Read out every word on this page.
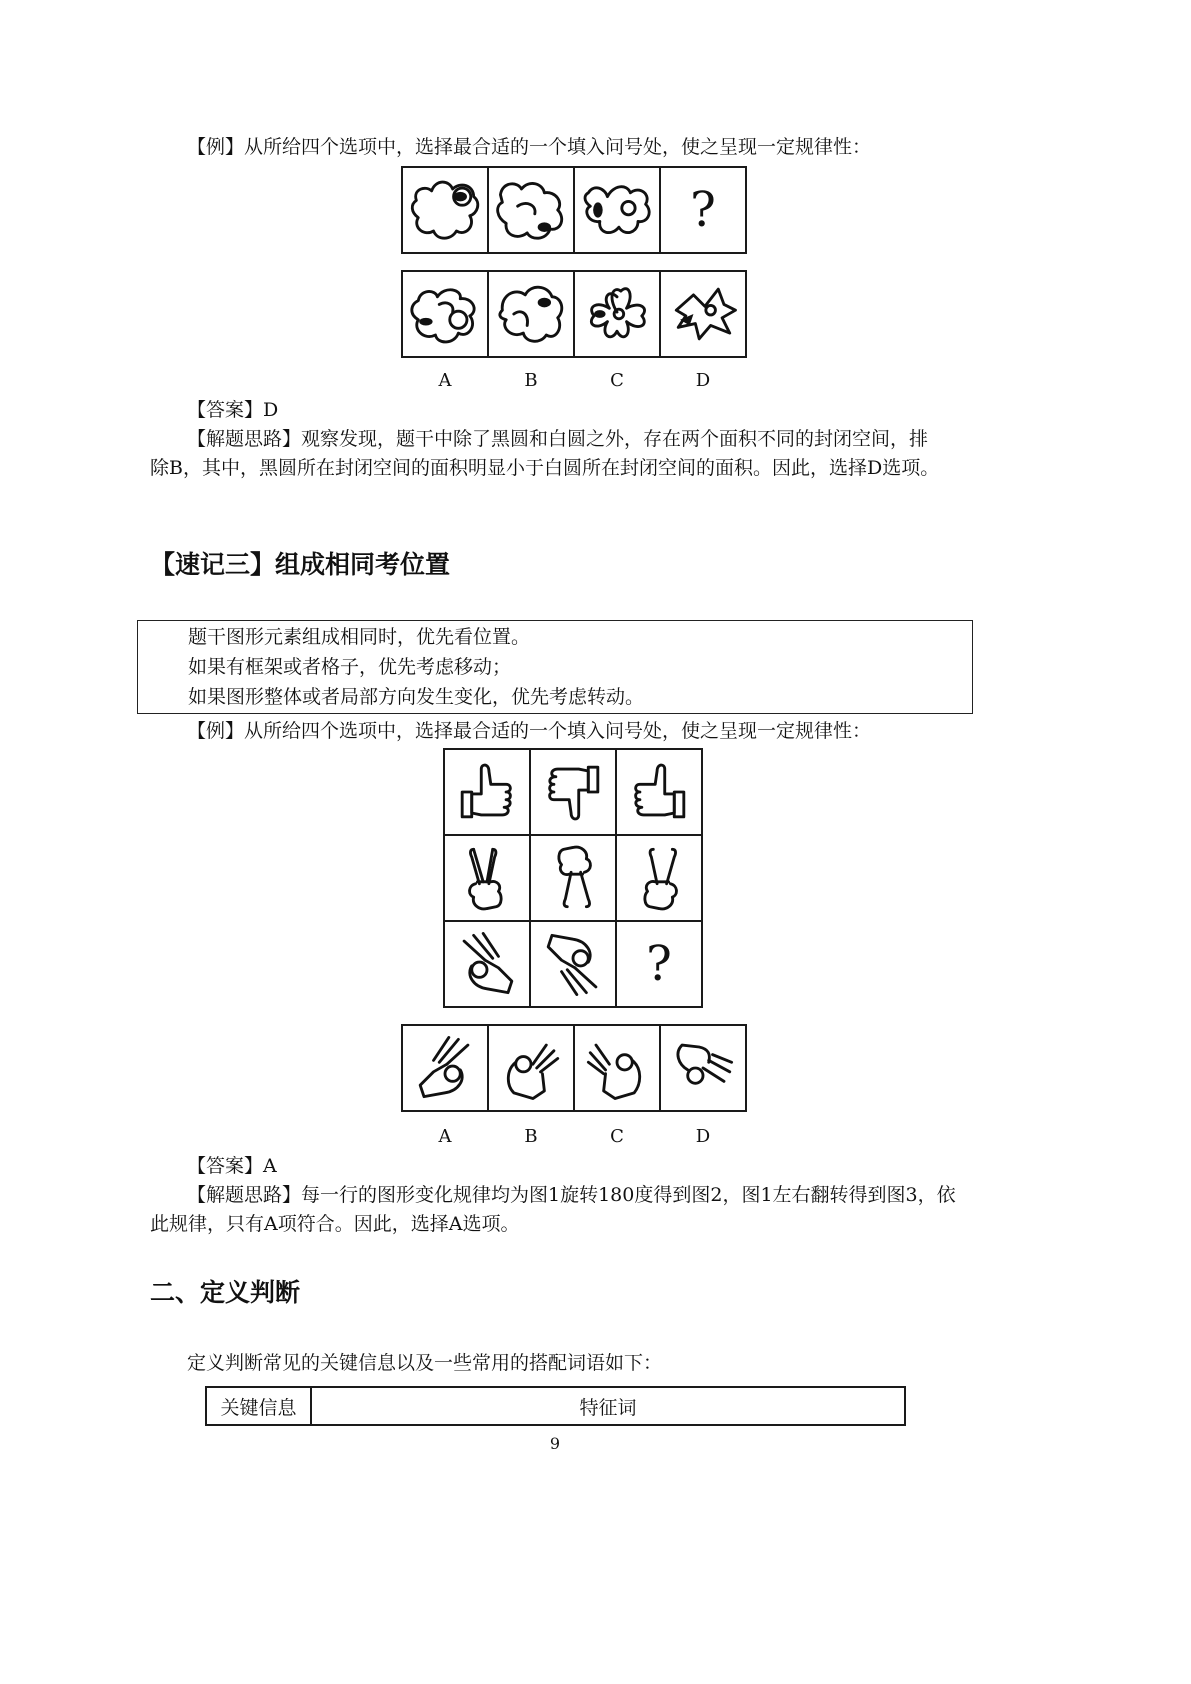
【例】从所给四个选项中，选择最合适的一个填入问号处，使之呈现一定规律性：
?
A	B	C	D
【答案】D
【解题思路】观察发现，题干中除了黑圆和白圆之外，存在两个面积不同的封闭空间，排
除B，其中，黑圆所在封闭空间的面积明显小于白圆所在封闭空间的面积。因此，选择D选项。
【速记三】组成相同考位置
题干图形元素组成相同时，优先看位置。
如果有框架或者格子，优先考虑移动；
如果图形整体或者局部方向发生变化，优先考虑转动。
【例】从所给四个选项中，选择最合适的一个填入问号处，使之呈现一定规律性：
?
A	B	C	D
【答案】A
【解题思路】每一行的图形变化规律均为图1旋转180度得到图2，图1左右翻转得到图3，依
此规律，只有A项符合。因此，选择A选项。
二、定义判断
定义判断常见的关键信息以及一些常用的搭配词语如下：
关键信息	特征词
9
